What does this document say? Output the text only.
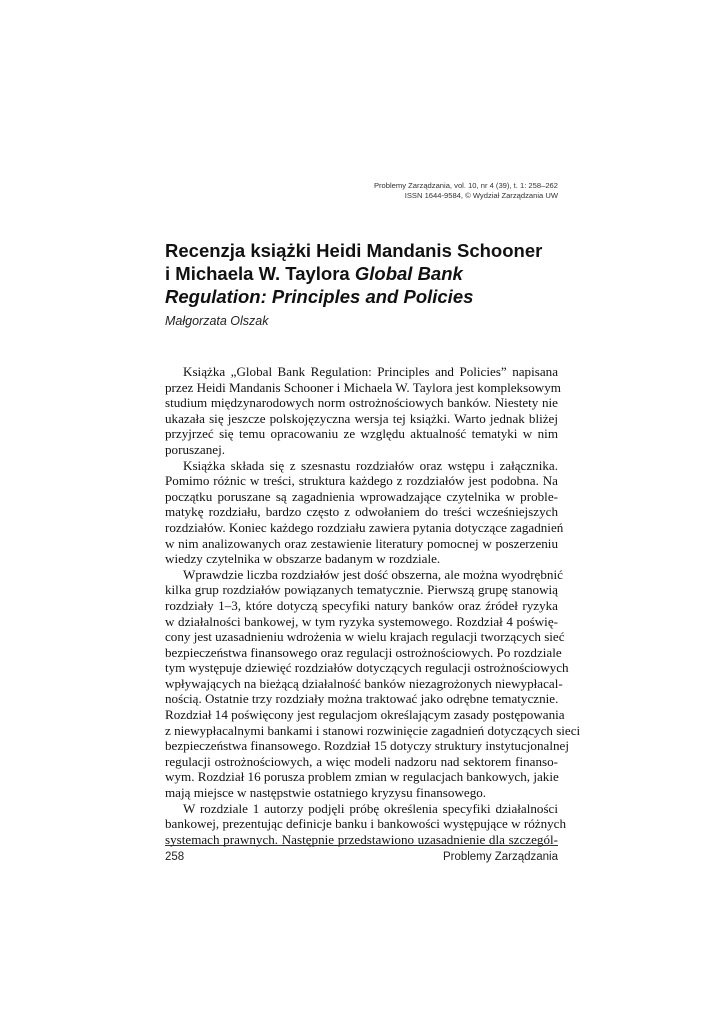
Problemy Zarządzania, vol. 10, nr 4 (39), t. 1: 258–262
ISSN 1644-9584, © Wydział Zarządzania UW
Recenzja książki Heidi Mandanis Schooner
i Michaela W. Taylora Global Bank
Regulation: Principles and Policies
Małgorzata Olszak
Książka „Global Bank Regulation: Principles and Policies” napisana
przez Heidi Mandanis Schooner i Michaela W. Taylora jest kompleksowym
studium międzynarodowych norm ostrożnościowych banków. Niestety nie
ukazała się jeszcze polskojęzyczna wersja tej książki. Warto jednak bliżej
przyjrzeć się temu opracowaniu ze względu aktualność tematyki w nim
poruszanej.
Książka składa się z szesnastu rozdziałów oraz wstępu i załącznika.
Pomimo różnic w treści, struktura każdego z rozdziałów jest podobna. Na
początku poruszane są zagadnienia wprowadzające czytelnika w proble-
matykę rozdziału, bardzo często z odwołaniem do treści wcześniejszych
rozdziałów. Koniec każdego rozdziału zawiera pytania dotyczące zagadnień
w nim analizowanych oraz zestawienie literatury pomocnej w poszerzeniu
wiedzy czytelnika w obszarze badanym w rozdziale.
Wprawdzie liczba rozdziałów jest dość obszerna, ale można wyodrębnić
kilka grup rozdziałów powiązanych tematycznie. Pierwszą grupę stanowią
rozdziały 1–3, które dotyczą specyfiki natury banków oraz źródeł ryzyka
w działalności bankowej, w tym ryzyka systemowego. Rozdział 4 poświę-
cony jest uzasadnieniu wdrożenia w wielu krajach regulacji tworzących sieć
bezpieczeństwa finansowego oraz regulacji ostrożnościowych. Po rozdziale
tym występuje dziewięć rozdziałów dotyczących regulacji ostrożnościowych
wpływających na bieżącą działalność banków niezagrożonych niewypłacal-
nością. Ostatnie trzy rozdziały można traktować jako odrębne tematycznie.
Rozdział 14 poświęcony jest regulacjom określającym zasady postępowania
z niewypłacalnymi bankami i stanowi rozwinięcie zagadnień dotyczących sieci
bezpieczeństwa finansowego. Rozdział 15 dotyczy struktury instytucjonalnej
regulacji ostrożnościowych, a więc modeli nadzoru nad sektorem finanso-
wym. Rozdział 16 porusza problem zmian w regulacjach bankowych, jakie
mają miejsce w następstwie ostatniego kryzysu finansowego.
W rozdziale 1 autorzy podjęli próbę określenia specyfiki działalności
bankowej, prezentując definicje banku i bankowości występujące w różnych
systemach prawnych. Następnie przedstawiono uzasadnienie dla szczegól-
258	Problemy Zarządzania
